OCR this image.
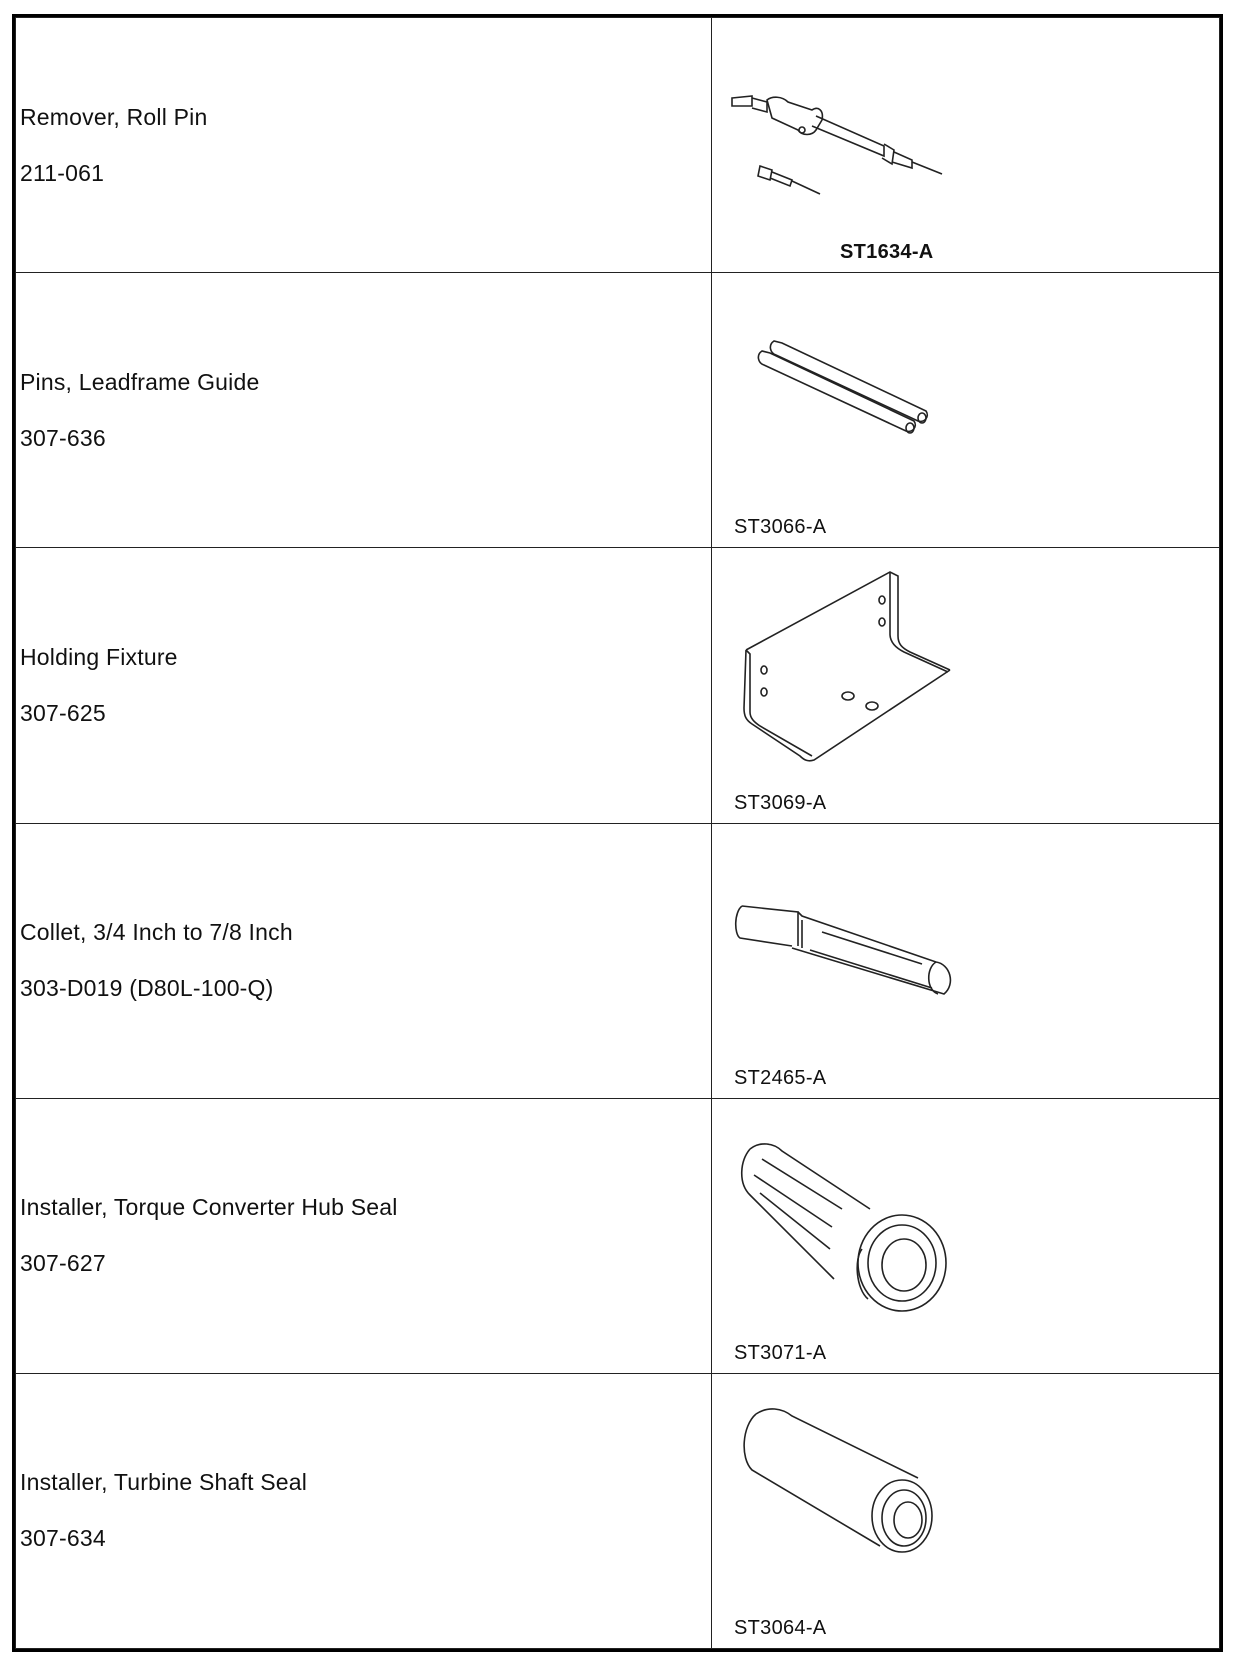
Remover, Roll Pin
211-061	ST1634-A

Pins, Leadframe Guide
307-636	ST3066-A

Holding Fixture
307-625	ST3069-A

Collet, 3/4 Inch to 7/8 Inch
303-D019 (D80L-100-Q)	ST2465-A

Installer, Torque Converter Hub Seal
307-627	ST3071-A

Installer, Turbine Shaft Seal
307-634	ST3064-A
